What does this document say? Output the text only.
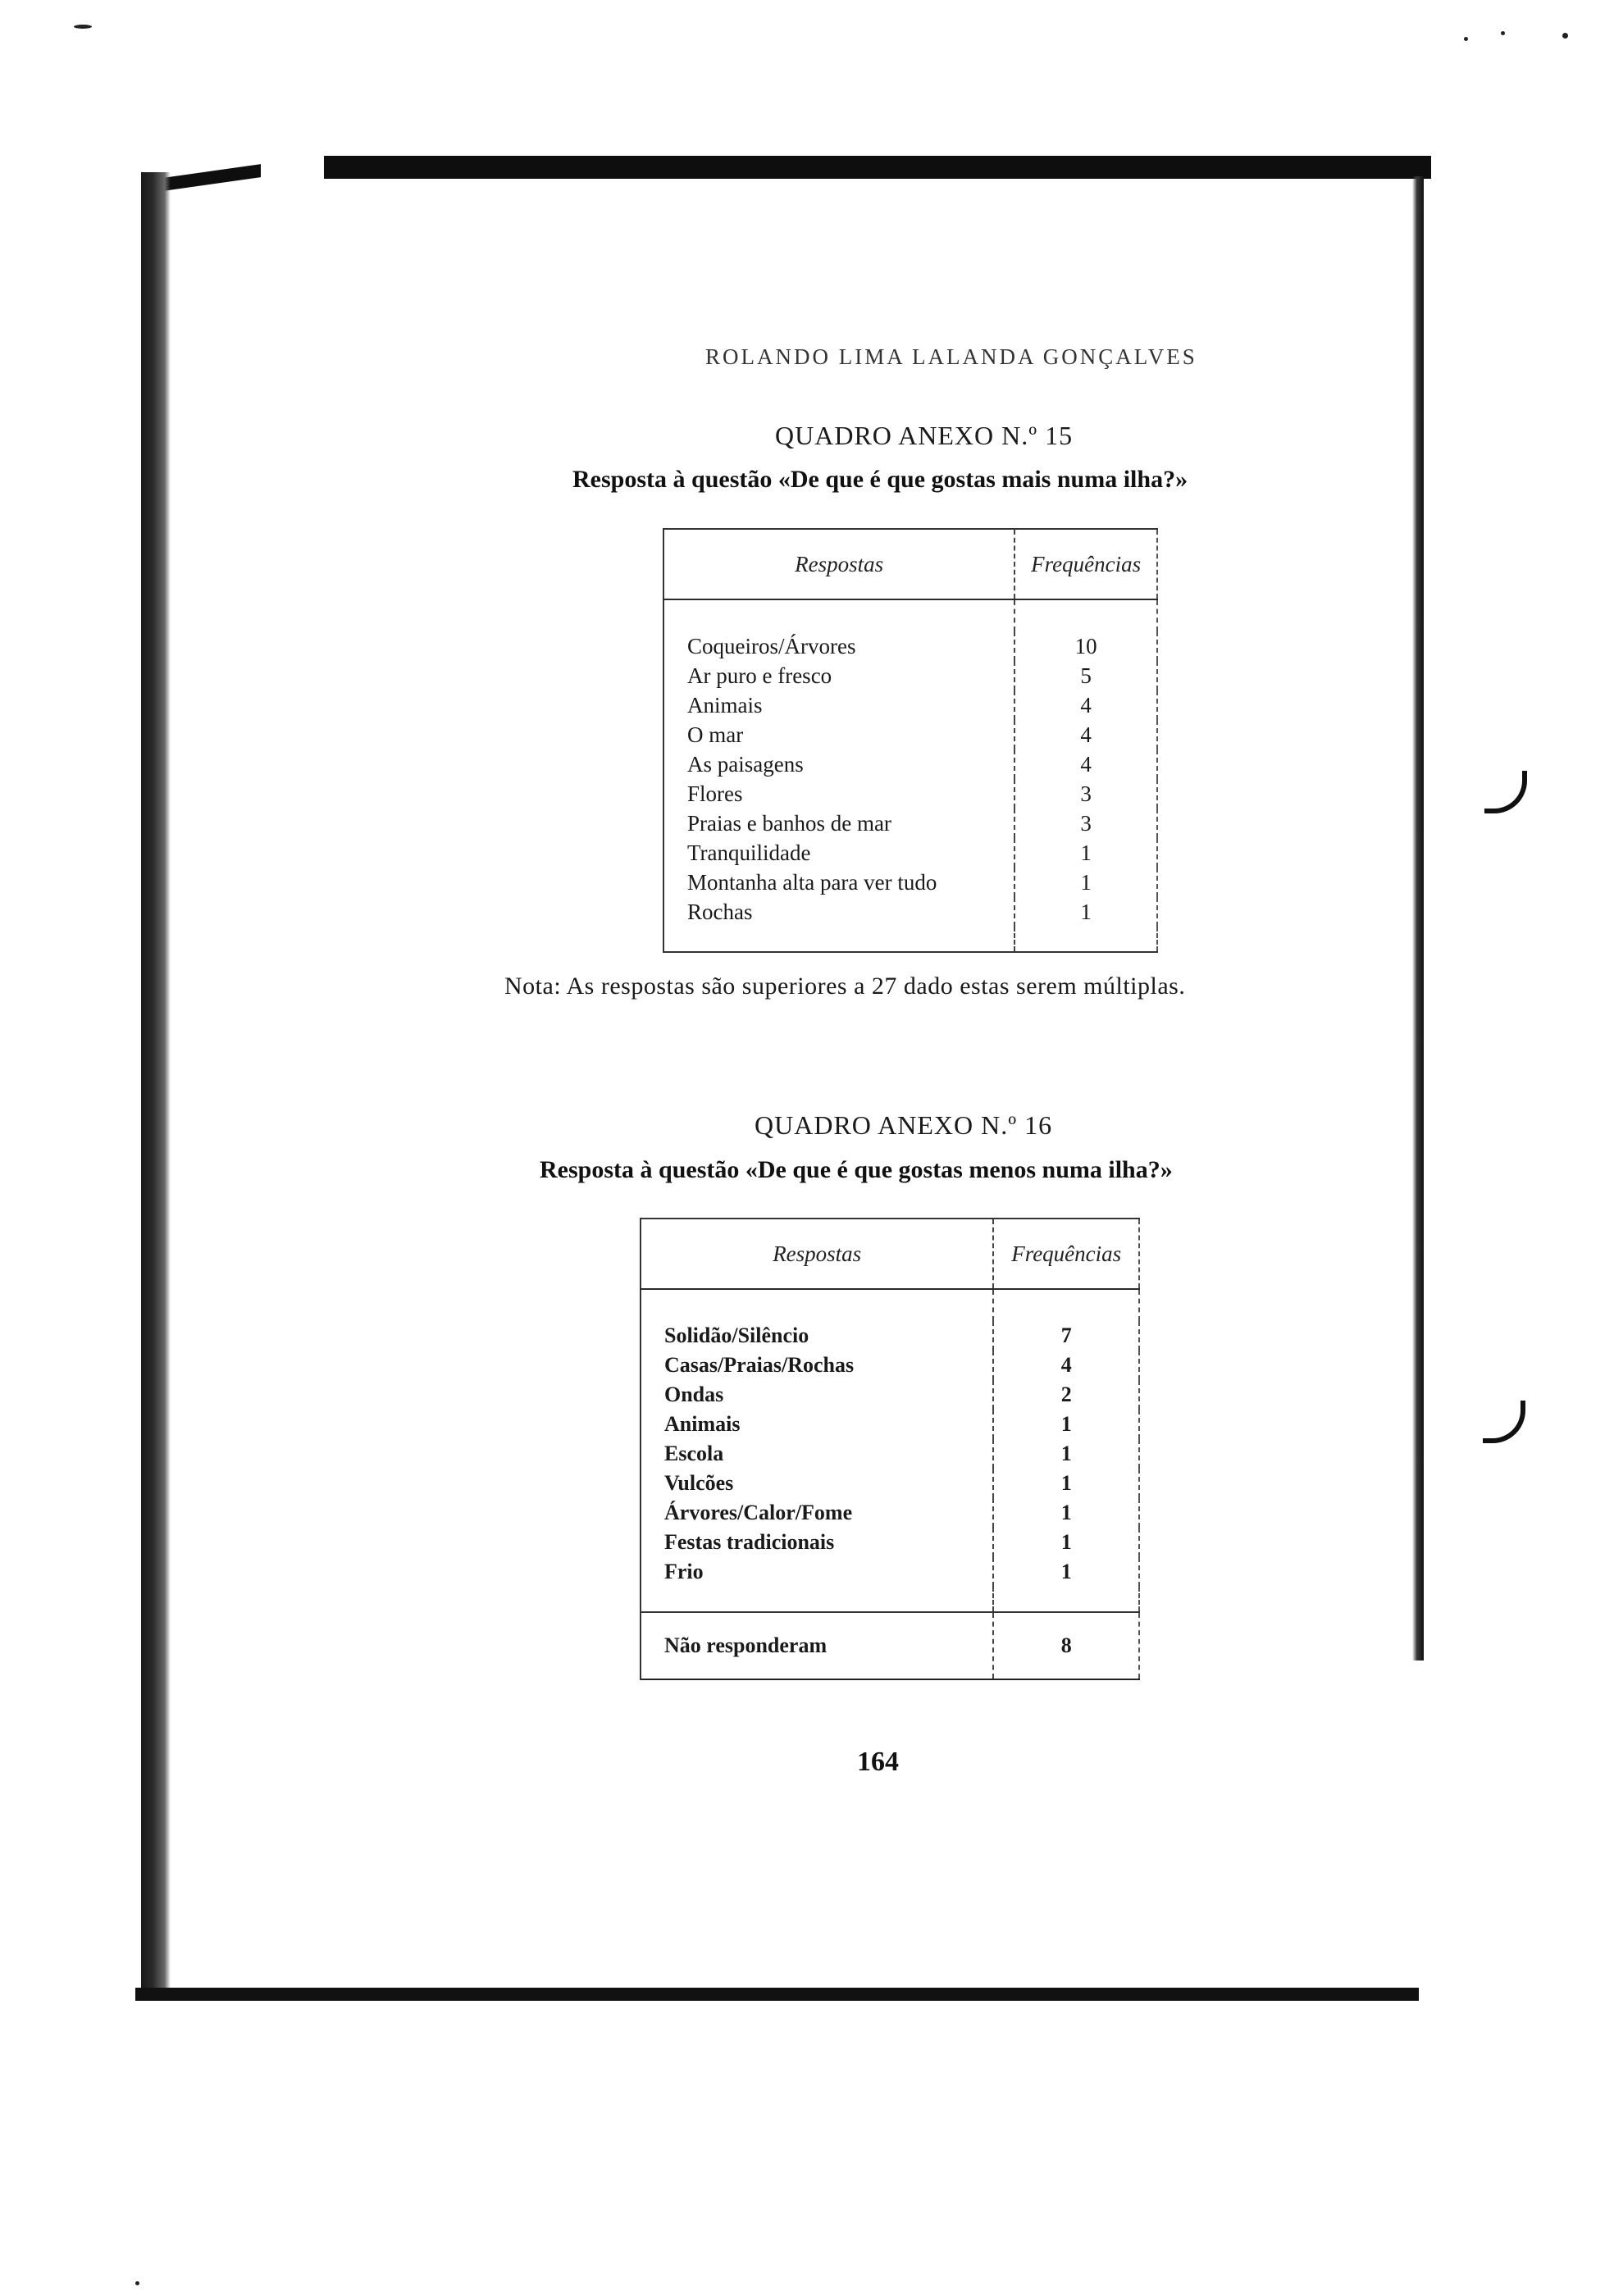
ROLANDO LIMA LALANDA GONÇALVES
QUADRO ANEXO N.º 15
Resposta à questão «De que é que gostas mais numa ilha?»
Respostas	Frequências

Coqueiros/Árvores	10
Ar puro e fresco	5
Animais	4
O mar	4
As paisagens	4
Flores	3
Praias e banhos de mar	3
Tranquilidade	1
Montanha alta para ver tudo	1
Rochas	1

Nota: As respostas são superiores a 27 dado estas serem múltiplas.
QUADRO ANEXO N.º 16
Resposta à questão «De que é que gostas menos numa ilha?»
Respostas	Frequências

Solidão/Silêncio	7
Casas/Praias/Rochas	4
Ondas	2
Animais	1
Escola	1
Vulcões	1
Árvores/Calor/Fome	1
Festas tradicionais	1
Frio	1

Não responderam	8
164
